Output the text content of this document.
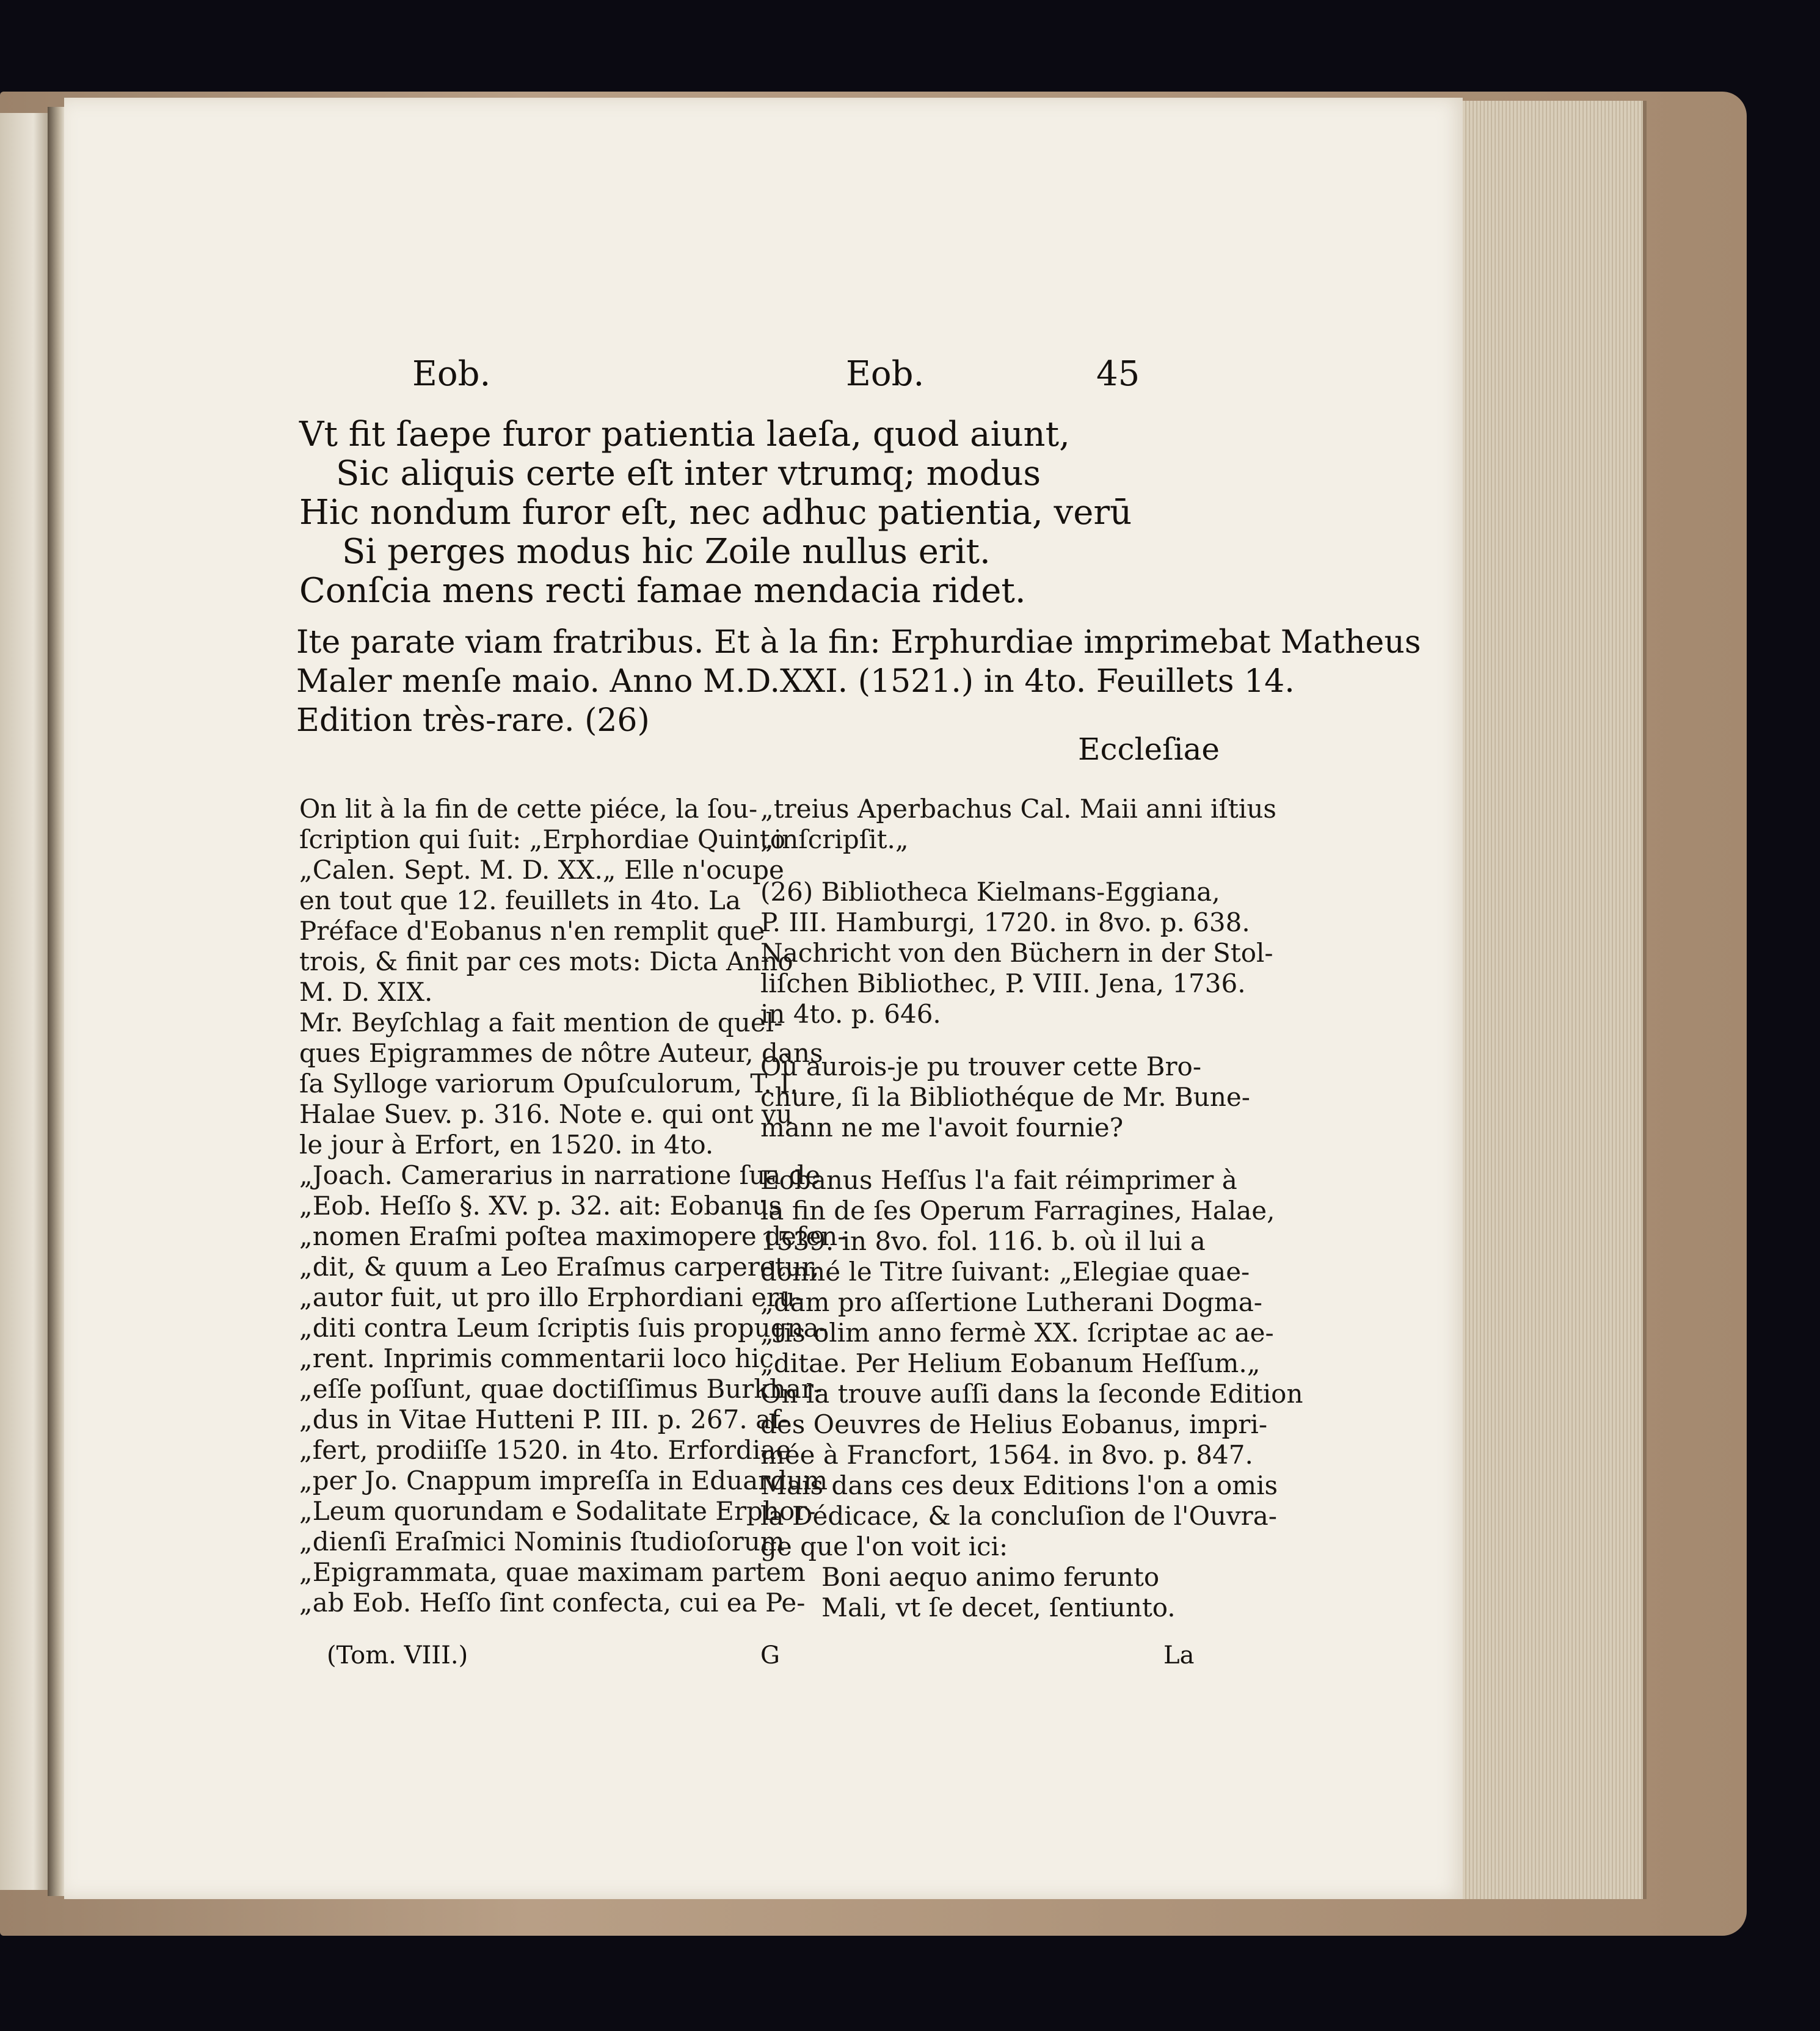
Eob.	Eob.	45
Vt fit ſaepe furor patientia laeſa, quod aiunt,
Sic aliquis certe eſt inter vtrumq; modus
Hic nondum furor eſt, nec adhuc patientia, verū
Si perges modus hic Zoile nullus erit.
Conſcia mens recti famae mendacia ridet.
Ite parate viam fratribus. Et à la fin: Erphurdiae imprimebat Matheus
Maler menſe maio. Anno M.D.XXI. (1521.) in 4to. Feuillets 14.
Edition très-rare. (26)
Eccleſiae
On lit à la fin de cette piéce, la ſou-
ſcription qui ſuit: „Erphordiae Quinto
„Calen. Sept. M. D. XX.„ Elle n'ocupe
en tout que 12. feuillets in 4to. La
Préface d'Eobanus n'en remplit que
trois, & finit par ces mots: Dicta Anno
M. D. XIX.
Mr. Beyſchlag a fait mention de quel-
ques Epigrammes de nôtre Auteur, dans
ſa Sylloge variorum Opuſculorum, T. I.
Halae Suev. p. 316. Note e. qui ont vu
le jour à Erfort, en 1520. in 4to.
„Joach. Camerarius in narratione ſua de
„Eob. Heſſo §. XV. p. 32. ait: Eobanus
„nomen Eraſmi poſtea maximopere defen-
„dit, & quum a Leo Eraſmus carperetur,
„autor fuit, ut pro illo Erphordiani eru-
„diti contra Leum ſcriptis ſuis propugna-
„rent. Inprimis commentarii loco hic
„eſſe poſſunt, quae doctiſſimus Burkhar-
„dus in Vitae Hutteni P. III. p. 267. af-
„fert, prodiiſſe 1520. in 4to. Erfordiae
„per Jo. Cnappum impreſſa in Eduardum
„Leum quorundam e Sodalitate Erphor-
„dienſi Eraſmici Nominis ſtudioſorum
„Epigrammata, quae maximam partem
„ab Eob. Heſſo ſint confecta, cui ea Pe-
„treius Aperbachus Cal. Maii anni iſtius
„inſcripſit.„
(26) Bibliotheca Kielmans-Eggiana,
P. III. Hamburgi, 1720. in 8vo. p. 638.
Nachricht von den Büchern in der Stol-
liſchen Bibliothec, P. VIII. Jena, 1736.
in 4to. p. 646.
Où aurois-je pu trouver cette Bro-
chure, ſi la Bibliothéque de Mr. Bune-
mann ne me l'avoit fournie?
Eobanus Heſſus l'a fait réimprimer à
la fin de ſes Operum Farragines, Halae,
1539. in 8vo. fol. 116. b. où il lui a
donné le Titre ſuivant: „Elegiae quae-
„dam pro aſſertione Lutherani Dogma-
„tis olim anno fermè XX. ſcriptae ac ae-
„ditae. Per Helium Eobanum Heſſum.„
On la trouve auſſi dans la ſeconde Edition
des Oeuvres de Helius Eobanus, impri-
mée à Francfort, 1564. in 8vo. p. 847.
Mais dans ces deux Editions l'on a omis
la Dédicace, & la concluſion de l'Ouvra-
ge que l'on voit ici:
Boni aequo animo ferunto
Mali, vt ſe decet, ſentiunto.
(Tom. VIII.)	G	La
